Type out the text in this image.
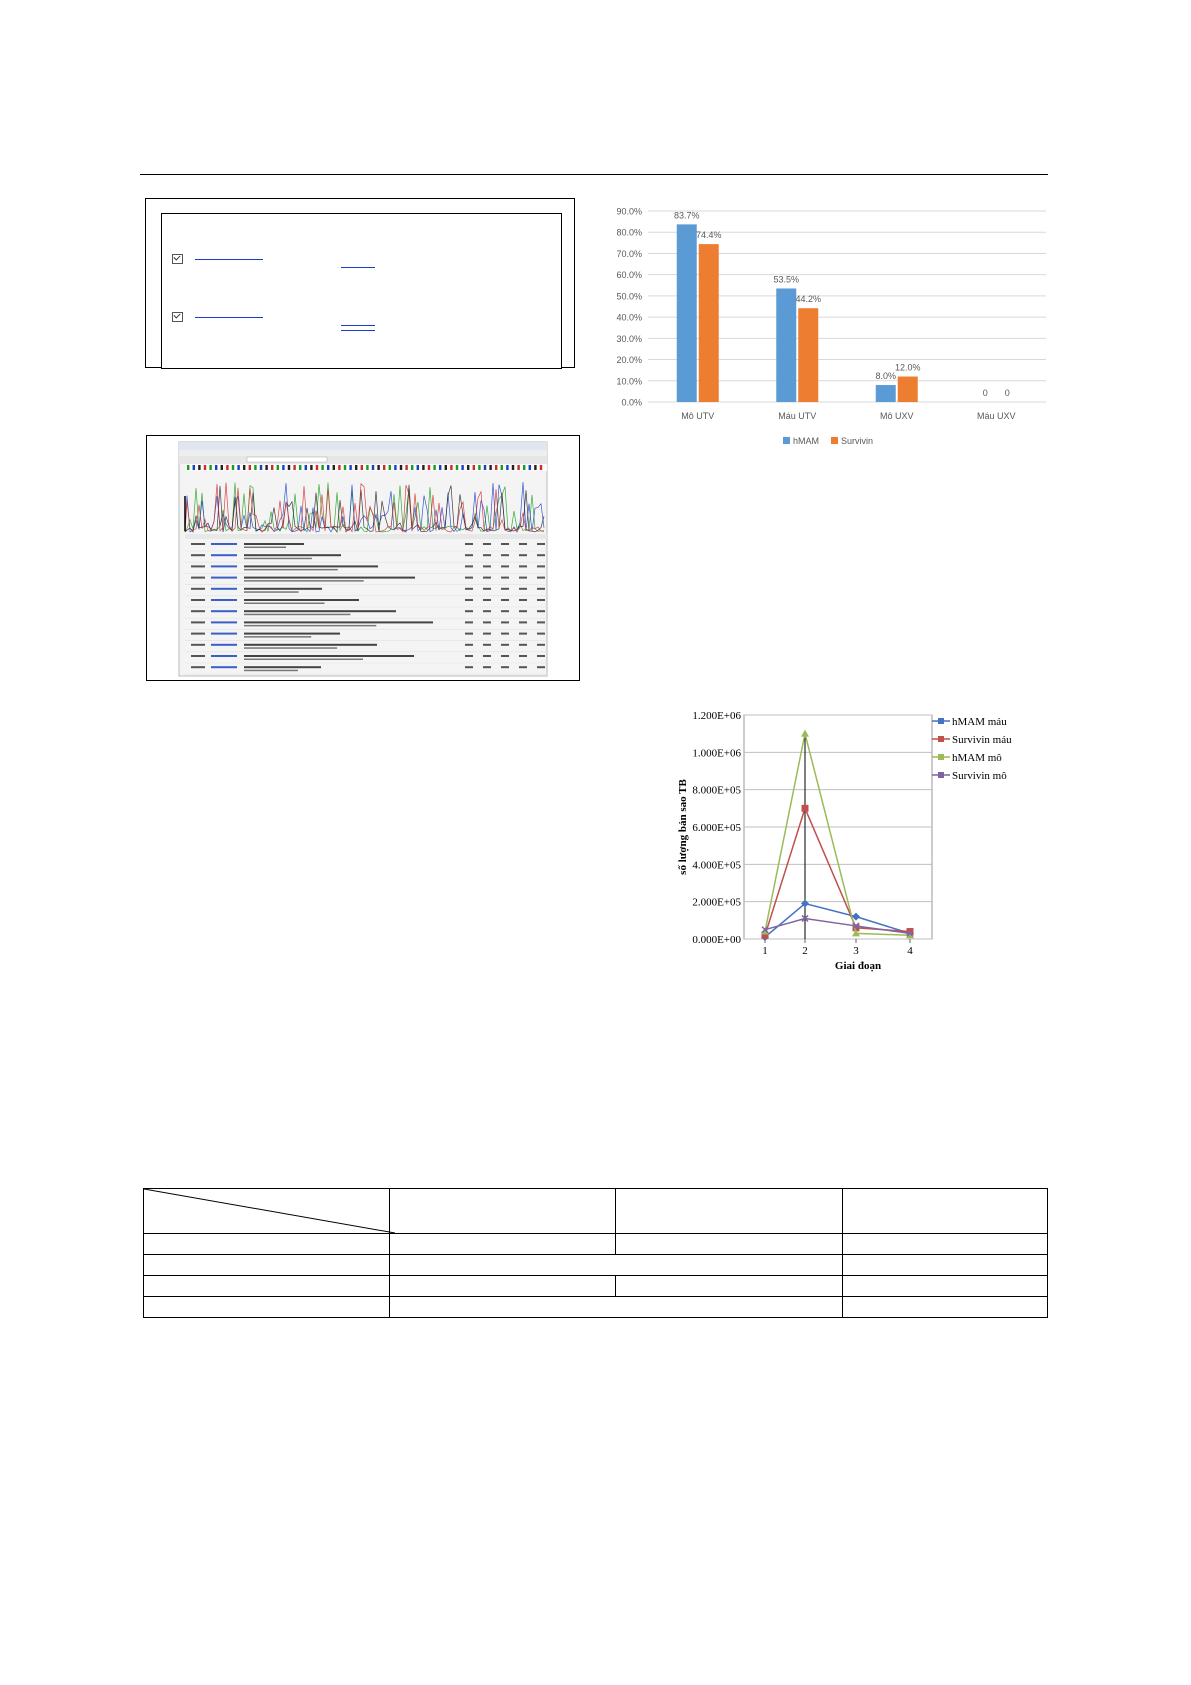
0.0%
10.0%
20.0%
30.0%
40.0%
50.0%
60.0%
70.0%
80.0%
90.0%	83.7%
74.4%
53.5%
44.2%
8.0%
12.0%
0 0
Mô UTV	Máu UTV	Mô UXV	Máu UXV
hMAM Survivin
0.000E+00
2.000E+05
4.000E+05
6.000E+05
8.000E+05
1.000E+06
1.200E+06
1	2	3	4
Giai đoạn
số lượng bản sao TB
hMAM máu
Survivin máu
hMAM mô
Survivin mô
